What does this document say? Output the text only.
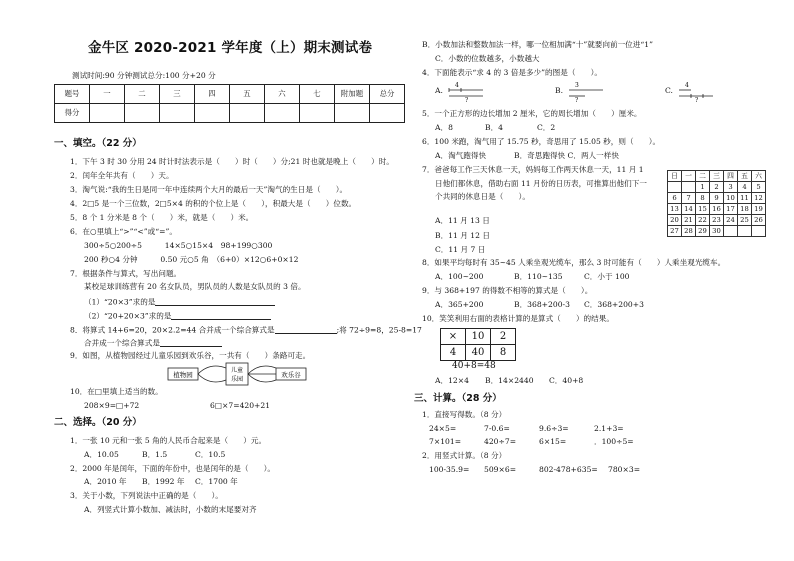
金牛区 2020-2021 学年度（上）期末测试卷
测试时间:90 分钟测试总分:100 分+20 分
题号	一	二	三	四	五	六	七	附加题	总分
得分									
一、填空。（22 分）
1．下午 3 时 30 分用 24 时计时法表示是（　　）时（　　）分;21 时也就是晚上（　　）时。
2．闰年全年共有（　　）天。
3．淘气说:“我的生日是同一年中连续两个大月的最后一天”淘气的生日是（　　）。
4．2□5 是一个三位数，2□5×4 的积的个位上是（　　），积最大是（　　）位数。
5．8 个 1 分米是 8 个（　　）米，就是（　　）米。
6．在○里填上“>”“<”或“=”。
300÷5○200÷5　　　14×5○15×4　98+199○300
200 秒○4 分钟　　　0.50 元○5 角　（6+0）×12○6+0×12
7．根据条件与算式，写出问题。
某校足球训练营有 20 名女队员，男队员的人数是女队员的 3 倍。
（1）“20×3”求的是
（2）“20+20×3”求的是
8．将算式 14+6=20，20×2.2=44 合并成一个综合算式是	;将 72÷9=8，25-8=17
合并成一个综合算式是
9．如图，从植物园经过儿童乐园到欢乐谷，一共有（　　）条路可走。
植物园
儿童
乐园
欢乐谷
10．在□里填上适当的数。
208×9=□+72	6□×7=420+21
二、选择。（20 分）
1．一张 10 元和一张 5 角的人民币合起来是（　　）元。
A．10.05	B．1.5	C．10.5
2．2000 年是闰年，下面的年份中，也是闰年的是（　　）。
A．2010 年 B．1992 年 C．1700 年
3．关于小数，下列说法中正确的是（　　）。
A．列竖式计算小数加、减法时，小数的末尾要对齐
B．小数加法和整数加法一样，哪一位相加满“十”就要向前一位进“1”
C．小数的位数越多，小数越大
4．下面能表示“求 4 的 3 倍是多少”的图是（　　）。
A.
4
?
B.
3
?
C.
4
?
5．一个正方形的边长增加 2 厘米，它的周长增加（　　）厘米。
A．8	B．4	C．2
6．100 米跑，淘气用了 15.75 秒，奇思用了 15.05 秒，则（　　）。
A．淘气跑得快	B．奇思跑得快 C．两人一样快
7．爸爸每工作三天休息一天，妈妈每工作两天休息一天，11 月 1
日他们都休息，借助右面 11 月份的日历表，可推算出他们下一
个共同的休息日是（　　）。
A．11 月 13 日
B．11 月 12 日
C．11 月 7 日
日	一	二	三	四	五	六
		1	2	3	4	5
6	7	8	9	10	11	12
13	14	15	16	17	18	19
20	21	22	23	24	25	26
27	28	29	30			
8．如果平均每时有 35~45 人乘坐观光缆车，那么 3 时可能有（　　）人乘坐观光缆车。
A．100~200	B．110~135	C．小于 100
9．与 368+197 的得数不相等的算式是（　　）。
A．365+200	B．368+200-3 C．368+200+3
10．笑笑利用右面的表格计算的是算式（　　）的结果。
×	10	2
4	40	8
40+8=48
A．12×4 B．14×2440 C．40+8
三、计算。（28 分）
1．直接写得数。（8 分）
24×5=	7-0.6=	9.6÷3=	2.1+3=
7×101=	420÷7=	6×15=	．100÷5=
2．用竖式计算。（8 分）
100-35.9= 509×6=	802-478+635= 780×3=
